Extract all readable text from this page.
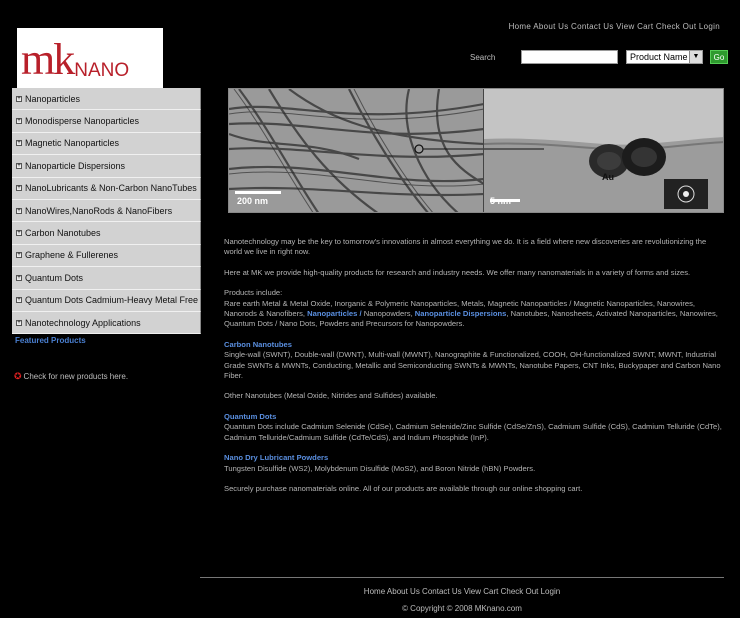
Home About Us Contact Us View Cart Check Out Login
Search	Product Name ▼	Go
mk NANO
+ Nanoparticles
+ Monodisperse Nanoparticles
+ Magnetic Nanoparticles
+ Nanoparticle Dispersions
+ NanoLubricants & Non-Carbon NanoTubes
+ NanoWires,NanoRods & NanoFibers
+ Carbon Nanotubes
+ Graphene & Fullerenes
+ Quantum Dots
+ Quantum Dots Cadmium-Heavy Metal Free
+ Nanotechnology Applications
Featured Products
✪ Check for new products here.
200 nm	5 nm
Au

Nanotechnology may be the key to tomorrow's innovations in almost everything we do. It is a field where new discoveries are revolutionizing the world we live in right now.

Here at MK we provide high-quality products for research and industry needs. We offer many nanomaterials in a variety of forms and sizes.

Products include:
Rare earth Metal & Metal Oxide, Inorganic & Polymeric Nanoparticles, Metals, Magnetic Nanoparticles / Magnetic Nanoparticles, Nanowires, Nanorods & Nanofibers, Nanoparticles / Nanopowders, Nanoparticle Dispersions, Nanotubes, Nanosheets, Activated Nanoparticles, Nanowires, Quantum Dots / Nano Dots, Powders and Precursors for Nanopowders.

Carbon Nanotubes
Single-wall (SWNT), Double-wall (DWNT), Multi-wall (MWNT), Nanographite & Functionalized, COOH, OH-functionalized SWNT, MWNT, Industrial Grade SWNTs & MWNTs, Conducting, Metallic and Semiconducting SWNTs & MWNTs, Nanotube Papers, CNT Inks, Buckypaper and Carbon Nano Fiber.

Other Nanotubes (Metal Oxide, Nitrides and Sulfides) available.

Quantum Dots
Quantum Dots include Cadmium Selenide (CdSe), Cadmium Selenide/Zinc Sulfide (CdSe/ZnS), Cadmium Sulfide (CdS), Cadmium Telluride (CdTe), Cadmium Telluride/Cadmium Sulfide (CdTe/CdS), and Indium Phosphide (InP).

Nano Dry Lubricant Powders
Tungsten Disulfide (WS2), Molybdenum Disulfide (MoS2), and Boron Nitride (hBN) Powders.

Securely purchase nanomaterials online. All of our products are available through our online shopping cart.

Home About Us Contact Us View Cart Check Out Login
© Copyright © 2008 MKnano.com
